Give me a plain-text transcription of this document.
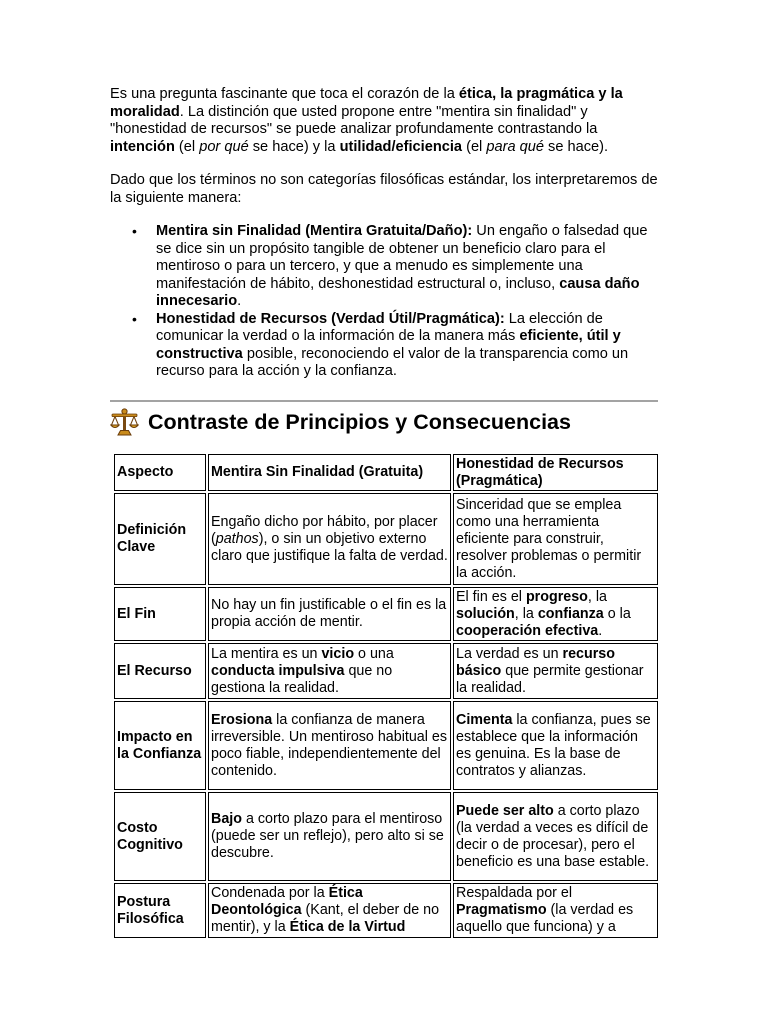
Es una pregunta fascinante que toca el corazón de la ética, la pragmática y la moralidad. La distinción que usted propone entre "mentira sin finalidad" y "honestidad de recursos" se puede analizar profundamente contrastando la intención (el por qué se hace) y la utilidad/eficiencia (el para qué se hace).

Dado que los términos no son categorías filosóficas estándar, los interpretaremos de la siguiente manera:

• Mentira sin Finalidad (Mentira Gratuita/Daño): Un engaño o falsedad que se dice sin un propósito tangible de obtener un beneficio claro para el mentiroso o para un tercero, y que a menudo es simplemente una manifestación de hábito, deshonestidad estructural o, incluso, causa daño innecesario.
• Honestidad de Recursos (Verdad Útil/Pragmática): La elección de comunicar la verdad o la información de la manera más eficiente, útil y constructiva posible, reconociendo el valor de la transparencia como un recurso para la acción y la confianza.
Contraste de Principios y Consecuencias
Aspecto	Mentira Sin Finalidad (Gratuita)	Honestidad de Recursos (Pragmática)
Definición Clave	Engaño dicho por hábito, por placer (pathos), o sin un objetivo externo claro que justifique la falta de verdad.	Sinceridad que se emplea como una herramienta eficiente para construir, resolver problemas o permitir la acción.
El Fin	No hay un fin justificable o el fin es la propia acción de mentir.	El fin es el progreso, la solución, la confianza o la cooperación efectiva.
El Recurso	La mentira es un vicio o una conducta impulsiva que no gestiona la realidad.	La verdad es un recurso básico que permite gestionar la realidad.
Impacto en la Confianza	Erosiona la confianza de manera irreversible. Un mentiroso habitual es poco fiable, independientemente del contenido.	Cimenta la confianza, pues se establece que la información es genuina. Es la base de contratos y alianzas.
Costo Cognitivo	Bajo a corto plazo para el mentiroso (puede ser un reflejo), pero alto si se descubre.	Puede ser alto a corto plazo (la verdad a veces es difícil de decir o de procesar), pero el beneficio es una base estable.
Postura Filosófica	Condenada por la Ética Deontológica (Kant, el deber de no mentir), y la Ética de la Virtud	Respaldada por el Pragmatismo (la verdad es aquello que funciona) y a
